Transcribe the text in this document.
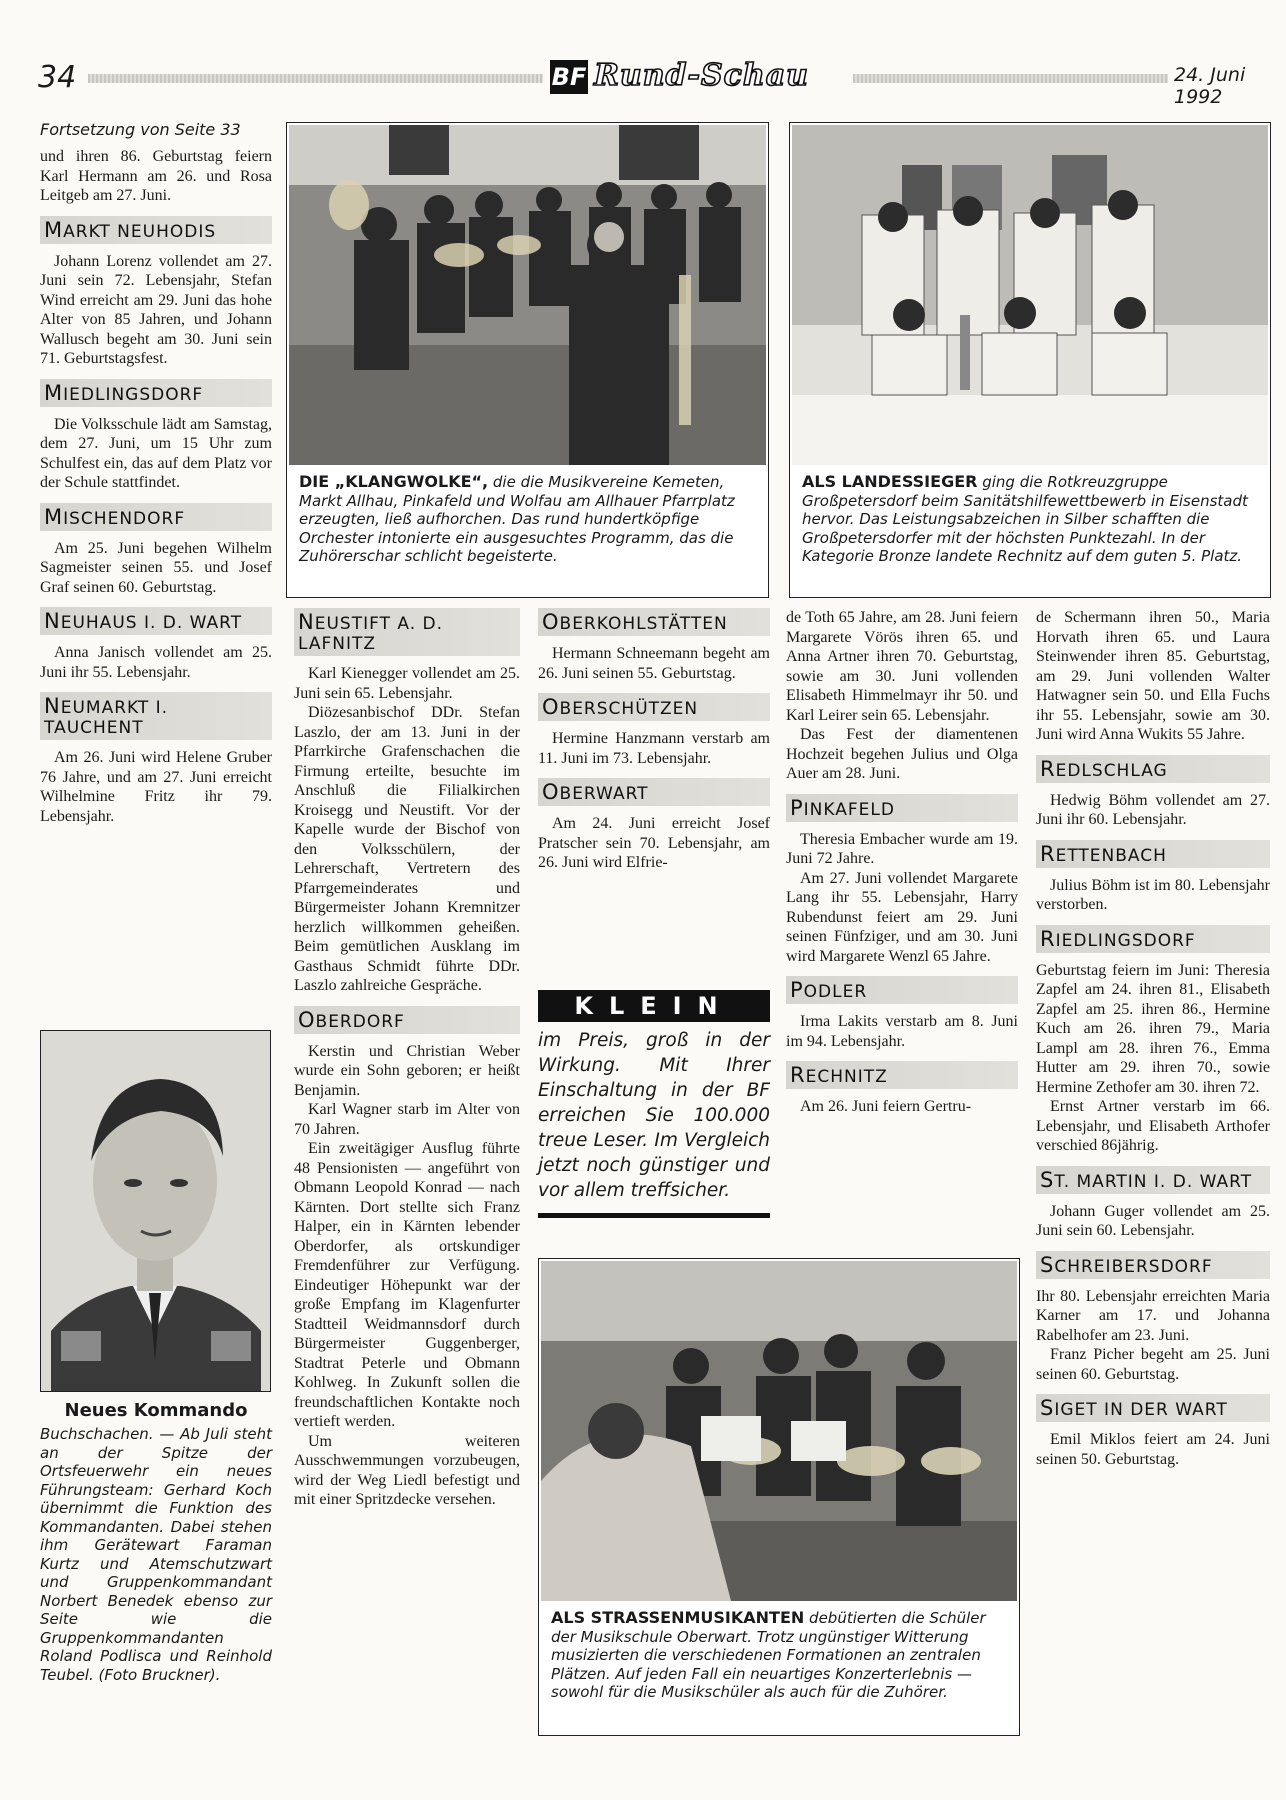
34	BF Rund-Schau	24. Juni 1992
Fortsetzung von Seite 33

und ihren 86. Geburtstag feiern Karl Hermann am 26. und Rosa Leitgeb am 27. Juni.

MARKT NEUHODIS

Johann Lorenz vollendet am 27. Juni sein 72. Lebensjahr, Stefan Wind erreicht am 29. Juni das hohe Alter von 85 Jahren, und Johann Wallusch begeht am 30. Juni sein 71. Geburtstagsfest.

MIEDLINGSDORF

Die Volksschule lädt am Samstag, dem 27. Juni, um 15 Uhr zum Schulfest ein, das auf dem Platz vor der Schule stattfindet.

MISCHENDORF

Am 25. Juni begehen Wilhelm Sagmeister seinen 55. und Josef Graf seinen 60. Geburtstag.

NEUHAUS I. D. WART

Anna Janisch vollendet am 25. Juni ihr 55. Lebensjahr.

NEUMARKT I. TAUCHENT

Am 26. Juni wird Helene Gruber 76 Jahre, und am 27. Juni erreicht Wilhelmine Fritz ihr 79. Lebensjahr.

Neues Kommando
Buchschachen. — Ab Juli steht an der Spitze der Ortsfeuerwehr ein neues Führungsteam: Gerhard Koch übernimmt die Funktion des Kommandanten. Dabei stehen ihm Gerätewart Faraman Kurtz und Atemschutzwart und Gruppenkommandant Norbert Benedek ebenso zur Seite wie die Gruppenkommandanten Roland Podlisca und Reinhold Teubel. (Foto Bruckner).
DIE „KLANGWOLKE“, die die Musikvereine Kemeten, Markt Allhau, Pinkafeld und Wolfau am Allhauer Pfarrplatz erzeugten, ließ aufhorchen. Das rund hundertköpfige Orchester intonierte ein ausgesuchtes Programm, das die Zuhörerschar schlicht begeisterte.
ALS LANDESSIEGER ging die Rotkreuzgruppe Großpetersdorf beim Sanitätshilfewettbewerb in Eisenstadt hervor. Das Leistungsabzeichen in Silber schafften die Großpetersdorfer mit der höchsten Punktezahl. In der Kategorie Bronze landete Rechnitz auf dem guten 5. Platz.
NEUSTIFT A. D. LAFNITZ

Karl Kienegger vollendet am 25. Juni sein 65. Lebensjahr.

Diözesanbischof DDr. Stefan Laszlo, der am 13. Juni in der Pfarrkirche Grafenschachen die Firmung erteilte, besuchte im Anschluß die Filialkirchen Kroisegg und Neustift. Vor der Kapelle wurde der Bischof von den Volksschülern, der Lehrerschaft, Vertretern des Pfarrgemeinderates und Bürgermeister Johann Kremnitzer herzlich willkommen geheißen. Beim gemütlichen Ausklang im Gasthaus Schmidt führte DDr. Laszlo zahlreiche Gespräche.

OBERDORF

Kerstin und Christian Weber wurde ein Sohn geboren; er heißt Benjamin.

Karl Wagner starb im Alter von 70 Jahren.

Ein zweitägiger Ausflug führte 48 Pensionisten — angeführt von Obmann Leopold Konrad — nach Kärnten. Dort stellte sich Franz Halper, ein in Kärnten lebender Oberdorfer, als ortskundiger Fremdenführer zur Verfügung. Eindeutiger Höhepunkt war der große Empfang im Klagenfurter Stadtteil Weidmannsdorf durch Bürgermeister Guggenberger, Stadtrat Peterle und Obmann Kohlweg. In Zukunft sollen die freundschaftlichen Kontakte noch vertieft werden.

Um weiteren Ausschwemmungen vorzubeugen, wird der Weg Liedl befestigt und mit einer Spritzdecke versehen.

OBERKOHLSTÄTTEN

Hermann Schneemann begeht am 26. Juni seinen 55. Geburtstag.

OBERSCHÜTZEN

Hermine Hanzmann verstarb am 11. Juni im 73. Lebensjahr.

OBERWART

Am 24. Juni erreicht Josef Pratscher sein 70. Lebensjahr, am 26. Juni wird Elfrie-

KLEIN
im Preis, groß in der Wirkung. Mit Ihrer Einschaltung in der BF erreichen Sie 100.000 treue Leser. Im Vergleich jetzt noch günstiger und vor allem treffsicher.

de Toth 65 Jahre, am 28. Juni feiern Margarete Vörös ihren 65. und Anna Artner ihren 70. Geburtstag, sowie am 30. Juni vollenden Elisabeth Himmelmayr ihr 50. und Karl Leirer sein 65. Lebensjahr.

Das Fest der diamentenen Hochzeit begehen Julius und Olga Auer am 28. Juni.

PINKAFELD

Theresia Embacher wurde am 19. Juni 72 Jahre.

Am 27. Juni vollendet Margarete Lang ihr 55. Lebensjahr, Harry Rubendunst feiert am 29. Juni seinen Fünfziger, und am 30. Juni wird Margarete Wenzl 65 Jahre.

PODLER

Irma Lakits verstarb am 8. Juni im 94. Lebensjahr.

RECHNITZ

Am 26. Juni feiern Gertru-

ALS STRASSENMUSIKANTEN debütierten die Schüler der Musikschule Oberwart. Trotz ungünstiger Witterung musizierten die verschiedenen Formationen an zentralen Plätzen. Auf jeden Fall ein neuartiges Konzerterlebnis — sowohl für die Musikschüler als auch für die Zuhörer.

de Schermann ihren 50., Maria Horvath ihren 65. und Laura Steinwender ihren 85. Geburtstag, am 29. Juni vollenden Walter Hatwagner sein 50. und Ella Fuchs ihr 55. Lebensjahr, sowie am 30. Juni wird Anna Wukits 55 Jahre.

REDLSCHLAG

Hedwig Böhm vollendet am 27. Juni ihr 60. Lebensjahr.

RETTENBACH

Julius Böhm ist im 80. Lebensjahr verstorben.

RIEDLINGSDORF

Geburtstag feiern im Juni: Theresia Zapfel am 24. ihren 81., Elisabeth Zapfel am 25. ihren 86., Hermine Kuch am 26. ihren 79., Maria Lampl am 28. ihren 76., Emma Hutter am 29. ihren 70., sowie Hermine Zethofer am 30. ihren 72.

Ernst Artner verstarb im 66. Lebensjahr, und Elisabeth Arthofer verschied 86jährig.

ST. MARTIN I. D. WART

Johann Guger vollendet am 25. Juni sein 60. Lebensjahr.

SCHREIBERSDORF

Ihr 80. Lebensjahr erreichten Maria Karner am 17. und Johanna Rabelhofer am 23. Juni.

Franz Picher begeht am 25. Juni seinen 60. Geburtstag.

SIGET IN DER WART

Emil Miklos feiert am 24. Juni seinen 50. Geburtstag.
